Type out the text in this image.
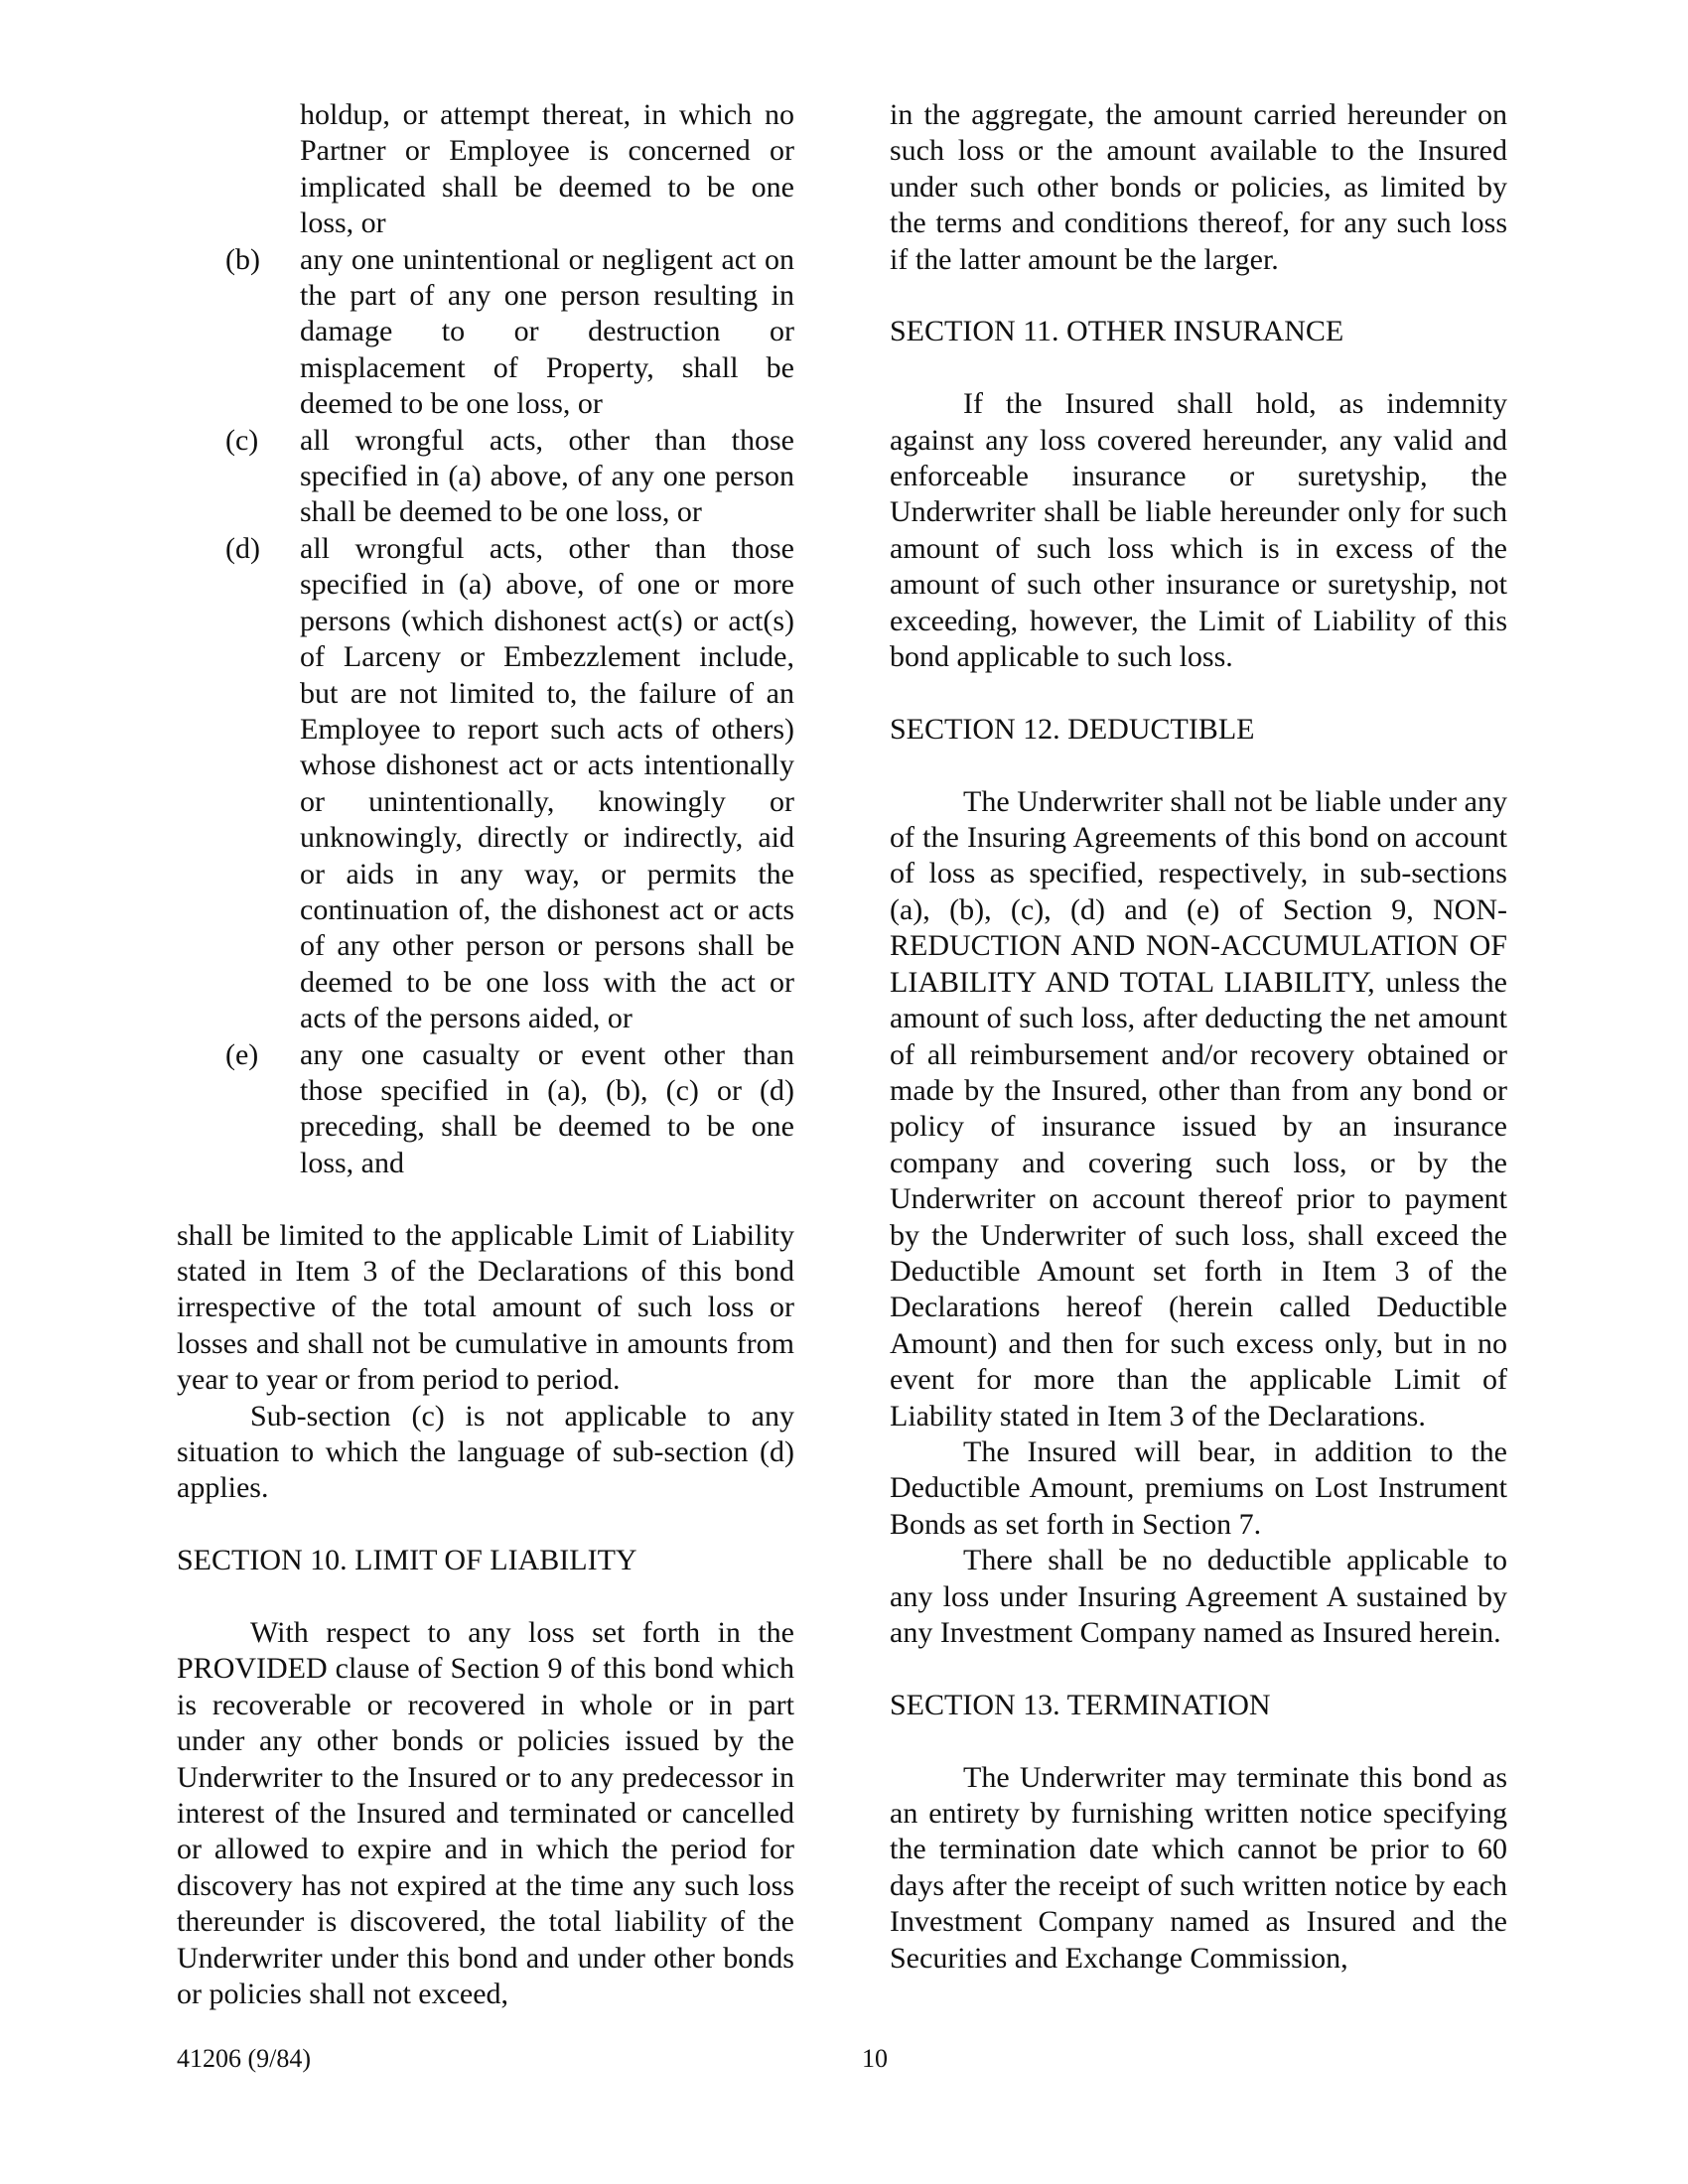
holdup, or attempt thereat, in which no Partner or Employee is concerned or implicated shall be deemed to be one loss, or
(b)	any one unintentional or negligent act on the part of any one person resulting in damage to or destruction or misplacement of Property, shall be deemed to be one loss, or
(c)	all wrongful acts, other than those specified in (a) above, of any one person shall be deemed to be one loss, or
(d)	all wrongful acts, other than those specified in (a) above, of one or more persons (which dishonest act(s) or act(s) of Larceny or Embezzlement include, but are not limited to, the failure of an Employee to report such acts of others) whose dishonest act or acts intentionally or unintentionally, knowingly or unknowingly, directly or indirectly, aid or aids in any way, or permits the continuation of, the dishonest act or acts of any other person or persons shall be deemed to be one loss with the act or acts of the persons aided, or
(e)	any one casualty or event other than those specified in (a), (b), (c) or (d) preceding, shall be deemed to be one loss, and

shall be limited to the applicable Limit of Liability stated in Item 3 of the Declarations of this bond irrespective of the total amount of such loss or losses and shall not be cumulative in amounts from year to year or from period to period.

Sub-section (c) is not applicable to any situation to which the language of sub-section (d) applies.

SECTION 10. LIMIT OF LIABILITY

With respect to any loss set forth in the PROVIDED clause of Section 9 of this bond which is recoverable or recovered in whole or in part under any other bonds or policies issued by the Underwriter to the Insured or to any predecessor in interest of the Insured and terminated or cancelled or allowed to expire and in which the period for discovery has not expired at the time any such loss thereunder is discovered, the total liability of the Underwriter under this bond and under other bonds or policies shall not exceed,

in the aggregate, the amount carried hereunder on such loss or the amount available to the Insured under such other bonds or policies, as limited by the terms and conditions thereof, for any such loss if the latter amount be the larger.

SECTION 11. OTHER INSURANCE

If the Insured shall hold, as indemnity against any loss covered hereunder, any valid and enforceable insurance or suretyship, the Underwriter shall be liable hereunder only for such amount of such loss which is in excess of the amount of such other insurance or suretyship, not exceeding, however, the Limit of Liability of this bond applicable to such loss.

SECTION 12. DEDUCTIBLE

The Underwriter shall not be liable under any of the Insuring Agreements of this bond on account of loss as specified, respectively, in sub-sections (a), (b), (c), (d) and (e) of Section 9, NON-REDUCTION AND NON-ACCUMULATION OF LIABILITY AND TOTAL LIABILITY, unless the amount of such loss, after deducting the net amount of all reimbursement and/or recovery obtained or made by the Insured, other than from any bond or policy of insurance issued by an insurance company and covering such loss, or by the Underwriter on account thereof prior to payment by the Underwriter of such loss, shall exceed the Deductible Amount set forth in Item 3 of the Declarations hereof (herein called Deductible Amount) and then for such excess only, but in no event for more than the applicable Limit of Liability stated in Item 3 of the Declarations.

The Insured will bear, in addition to the Deductible Amount, premiums on Lost Instrument Bonds as set forth in Section 7.

There shall be no deductible applicable to any loss under Insuring Agreement A sustained by any Investment Company named as Insured herein.

SECTION 13. TERMINATION

The Underwriter may terminate this bond as an entirety by furnishing written notice specifying the termination date which cannot be prior to 60 days after the receipt of such written notice by each Investment Company named as Insured and the Securities and Exchange Commission,

41206 (9/84)	10
